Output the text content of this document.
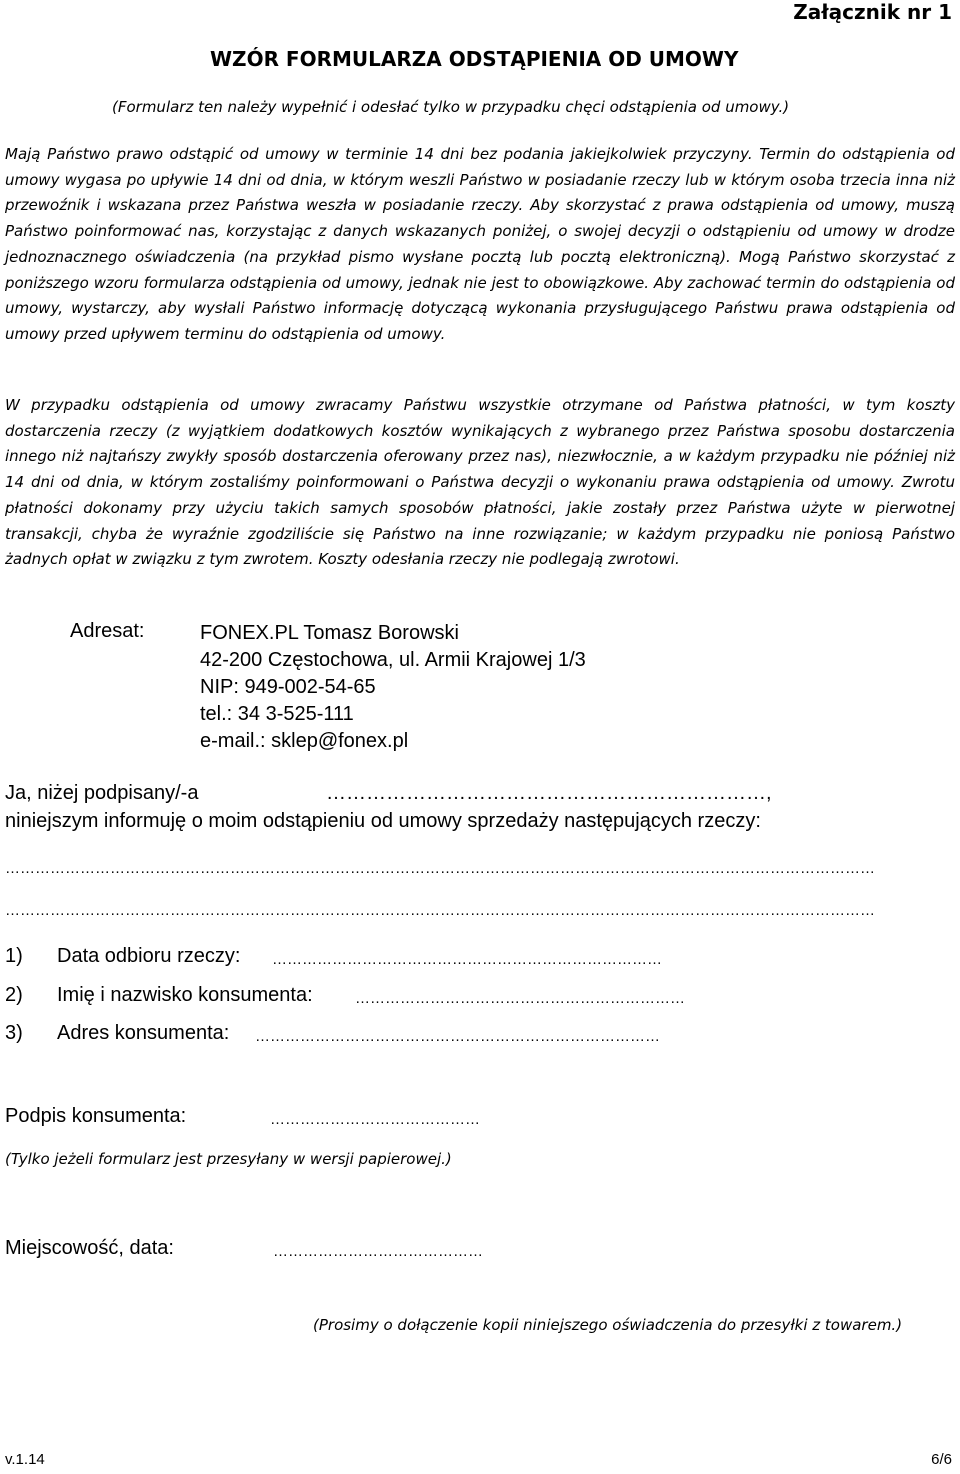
Załącznik nr 1
WZÓR FORMULARZA ODSTĄPIENIA OD UMOWY
(Formularz ten należy wypełnić i odesłać tylko w przypadku chęci odstąpienia od umowy.)

Mają Państwo prawo odstąpić od umowy w terminie 14 dni bez podania jakiejkolwiek przyczyny. Termin do odstąpienia od umowy wygasa po upływie 14 dni od dnia, w którym weszli Państwo w posiadanie rzeczy lub w którym osoba trzecia inna niż przewoźnik i wskazana przez Państwa weszła w posiadanie rzeczy. Aby skorzystać z prawa odstąpienia od umowy, muszą Państwo poinformować nas, korzystając z danych wskazanych poniżej, o swojej decyzji o odstąpieniu od umowy w drodze jednoznacznego oświadczenia (na przykład pismo wysłane pocztą lub pocztą elektroniczną). Mogą Państwo skorzystać z poniższego wzoru formularza odstąpienia od umowy, jednak nie jest to obowiązkowe. Aby zachować termin do odstąpienia od umowy, wystarczy, aby wysłali Państwo informację dotyczącą wykonania przysługującego Państwu prawa odstąpienia od umowy przed upływem terminu do odstąpienia od umowy.

W przypadku odstąpienia od umowy zwracamy Państwu wszystkie otrzymane od Państwa płatności, w tym koszty dostarczenia rzeczy (z wyjątkiem dodatkowych kosztów wynikających z wybranego przez Państwa sposobu dostarczenia innego niż najtańszy zwykły sposób dostarczenia oferowany przez nas), niezwłocznie, a w każdym przypadku nie później niż 14 dni od dnia, w którym zostaliśmy poinformowani o Państwa decyzji o wykonaniu prawa odstąpienia od umowy. Zwrotu płatności dokonamy przy użyciu takich samych sposobów płatności, jakie zostały przez Państwa użyte w pierwotnej transakcji, chyba że wyraźnie zgodziliście się Państwo na inne rozwiązanie; w każdym przypadku nie poniosą Państwo żadnych opłat w związku z tym zwrotem. Koszty odesłania rzeczy nie podlegają zwrotowi.

Adresat:	FONEX.PL Tomasz Borowski
42-200 Częstochowa, ul. Armii Krajowej 1/3
NIP: 949-002-54-65
tel.: 34 3-525-111
e-mail.: sklep@fonex.pl
Ja, niżej podpisany/-a	…………………………………………………………,
niniejszym informuję o moim odstąpieniu od umowy sprzedaży następujących rzeczy:
…………………………………………………………………………………………………………………………………………………………
…………………………………………………………………………………………………………………………………………………………
1) Data odbioru rzeczy: ……………………………………………………………………
2) Imię i nazwisko konsumenta:	…………………………………………………………
3) Adres konsumenta: ………………………………………………………………………
Podpis konsumenta:	……………………………………
(Tylko jeżeli formularz jest przesyłany w wersji papierowej.)
Miejscowość, data:	……………………………………
(Prosimy o dołączenie kopii niniejszego oświadczenia do przesyłki z towarem.)
v.1.14	6/6
